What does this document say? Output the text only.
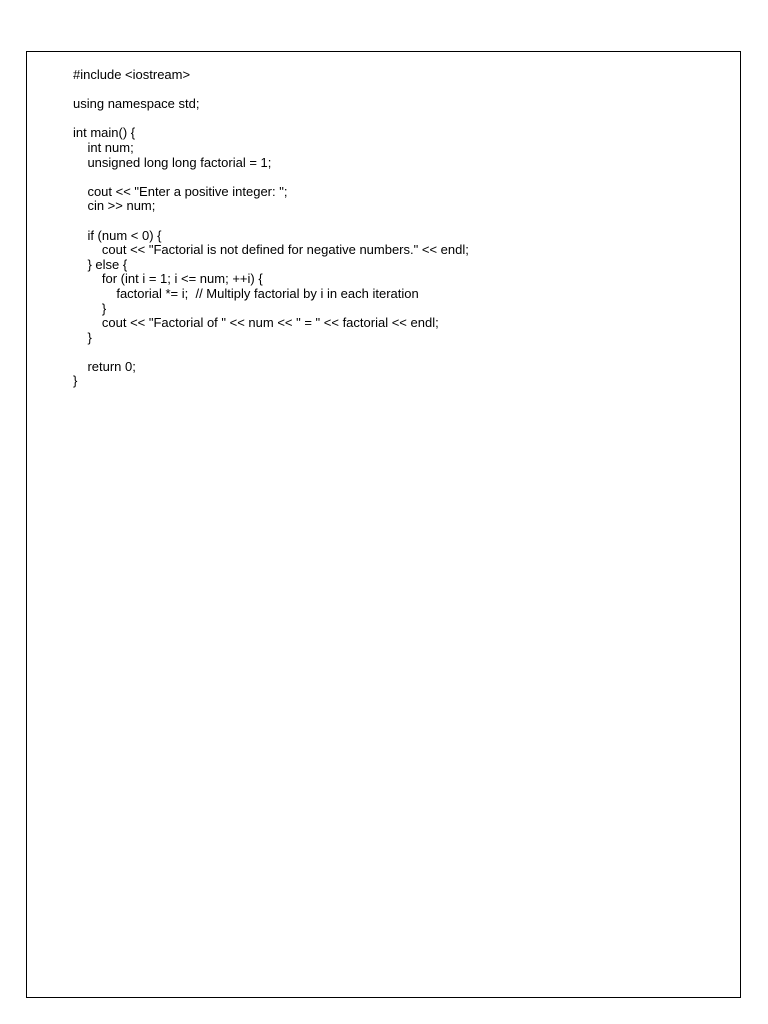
#include <iostream>
using namespace std;
int main() {
int num;
unsigned long long factorial = 1;
cout << "Enter a positive integer: ";
cin >> num;
if (num < 0) {
cout << "Factorial is not defined for negative numbers." << endl;
} else {
for (int i = 1; i <= num; ++i) {
factorial *= i;  // Multiply factorial by i in each iteration
}
cout << "Factorial of " << num << " = " << factorial << endl;
}
return 0;
}
